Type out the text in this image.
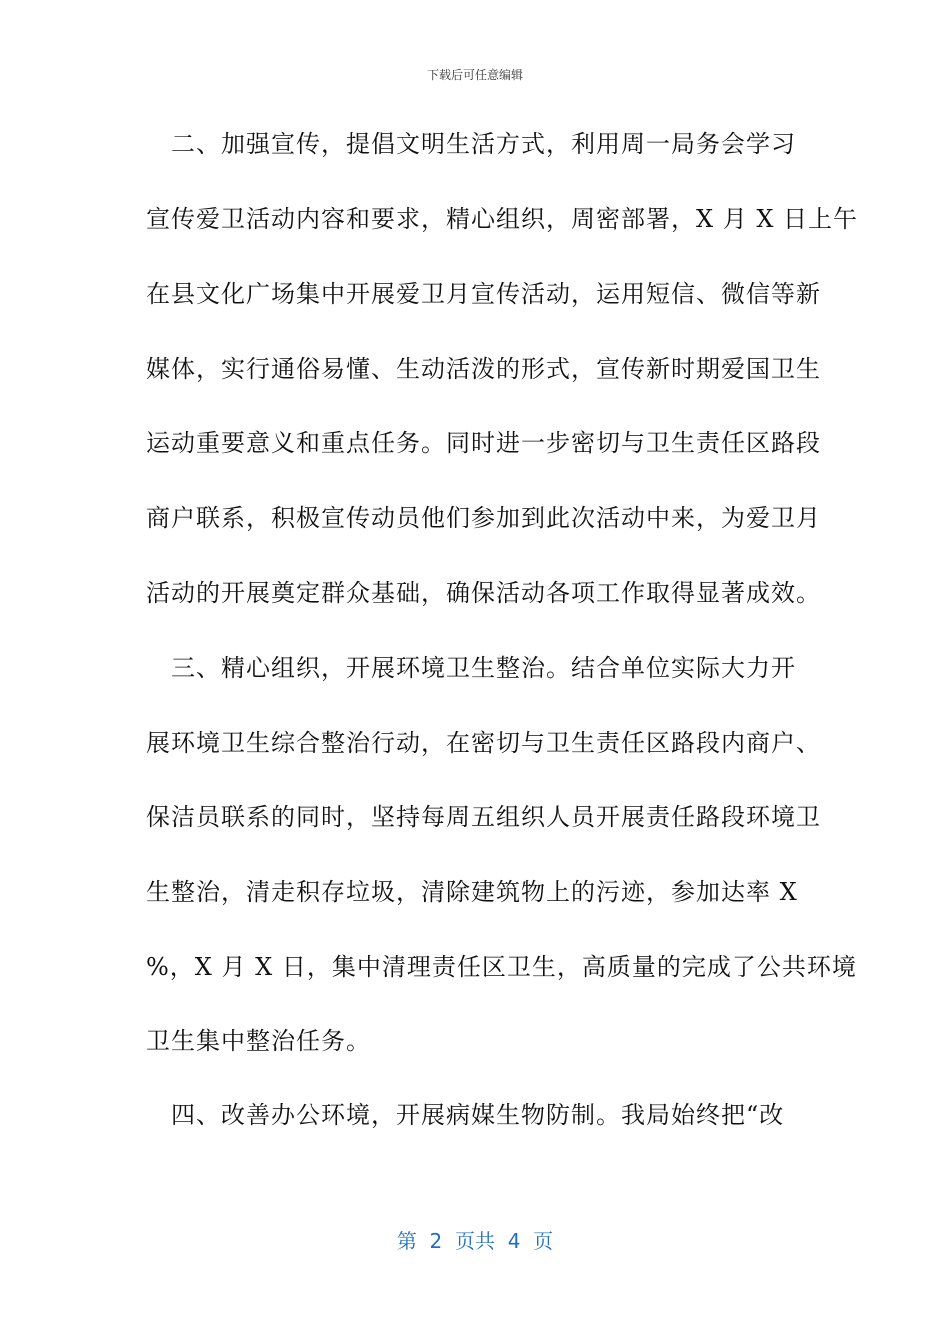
下载后可任意编辑
　二、加强宣传，提倡文明生活方式，利用周一局务会学习
宣传爱卫活动内容和要求，精心组织，周密部署，X 月 X 日上午
在县文化广场集中开展爱卫月宣传活动，运用短信、微信等新
媒体，实行通俗易懂、生动活泼的形式，宣传新时期爱国卫生
运动重要意义和重点任务。同时进一步密切与卫生责任区路段
商户联系，积极宣传动员他们参加到此次活动中来，为爱卫月
活动的开展奠定群众基础，确保活动各项工作取得显著成效。
　三、精心组织，开展环境卫生整治。结合单位实际大力开
展环境卫生综合整治行动，在密切与卫生责任区路段内商户、
保洁员联系的同时，坚持每周五组织人员开展责任路段环境卫
生整治，清走积存垃圾，清除建筑物上的污迹，参加达率 X
%，X 月 X 日，集中清理责任区卫生，高质量的完成了公共环境
卫生集中整治任务。
　四、改善办公环境，开展病媒生物防制。我局始终把“改
第  2  页共  4  页
